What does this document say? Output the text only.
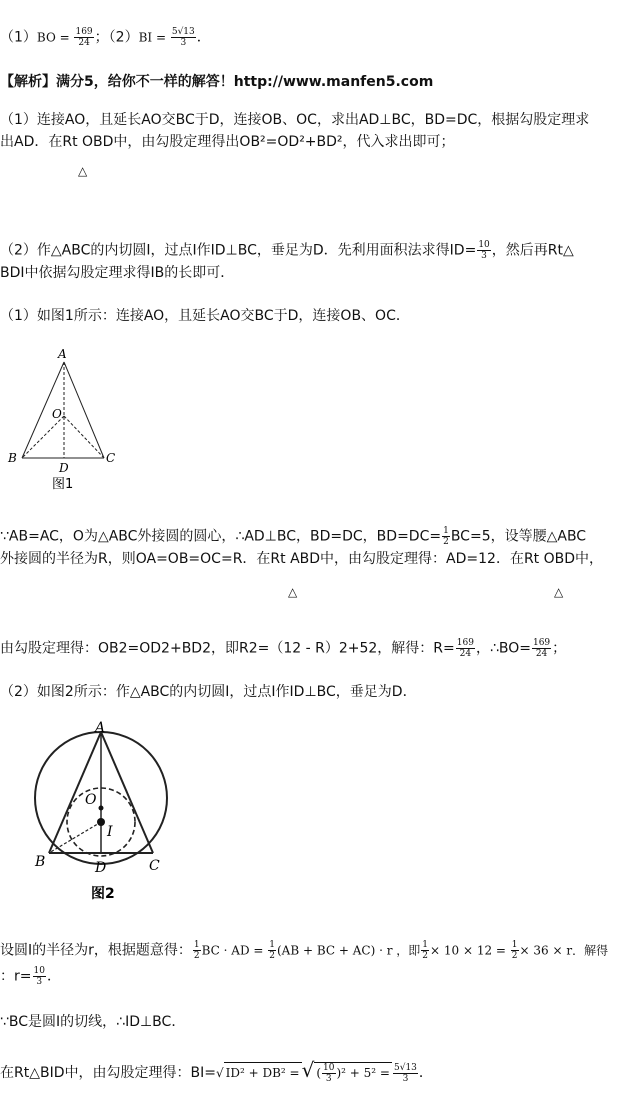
$(1)BO = \frac{169}{24}$ ；$(2)BI = \frac{5√13}{3}$ ．
【解析】满分5，给你不一样的解答！http://www.manfen5.com
（1）连接AO，且延长AO交BC于D，连接OB、OC，求出AD⊥BC，BD=DC，根据勾股定理求
出AD．在Rt OBD中，由勾股定理得出OB²=OD²+BD²，代入求出即可；
△
（2）作△ABC的内切圆I，过点I作ID⊥BC，垂足为D．先利用面积法求得$ID= \frac{10}{3}$ ，然后再Rt△
BDI中依据勾股定理求得IB的长即可．
（1）如图1所示：连接AO，且延长AO交BC于D，连接OB、OC．
A
O
B
D
C
图1
∵AB=AC，O为△ABC外接圆的圆心，∴AD⊥BC，BD=DC，$BD=DC= \frac{1}{2} BC=5$，设等腰△ABC
外接圆的半径为R，则OA=OB=OC=R．在Rt ABD中，由勾股定理得：AD=12．在Rt OBD中，
△	△
由勾股定理得：OB2=OD2+BD2，即R2=（12 - R）2+52，解得：$R= \frac{169}{24}$ ，∴BO= $\frac{169}{24}$ ；
（2）如图2所示：作△ABC的内切圆I，过点I作ID⊥BC，垂足为D．
A
O
I
B	D	C
图2
设圆I的半径为r，根据题意得： $\frac{1}{2}$ BC · AD = $\frac{1}{2} (AB$ + BC + AC) · r ，即 $\frac{1}{2} \times 10 \times 12 = \frac{1}{2} \times 36 \times r$．解得
：$r= \frac{10}{3}$ ．
∵BC是圆I的切线，∴ID⊥BC．
在Rt△BID中，由勾股定理得：BI=√ ID² + DB² =√ ( $\frac{10}{3} )^2 + 5^2 = \frac{5√13}{3}$ ．
